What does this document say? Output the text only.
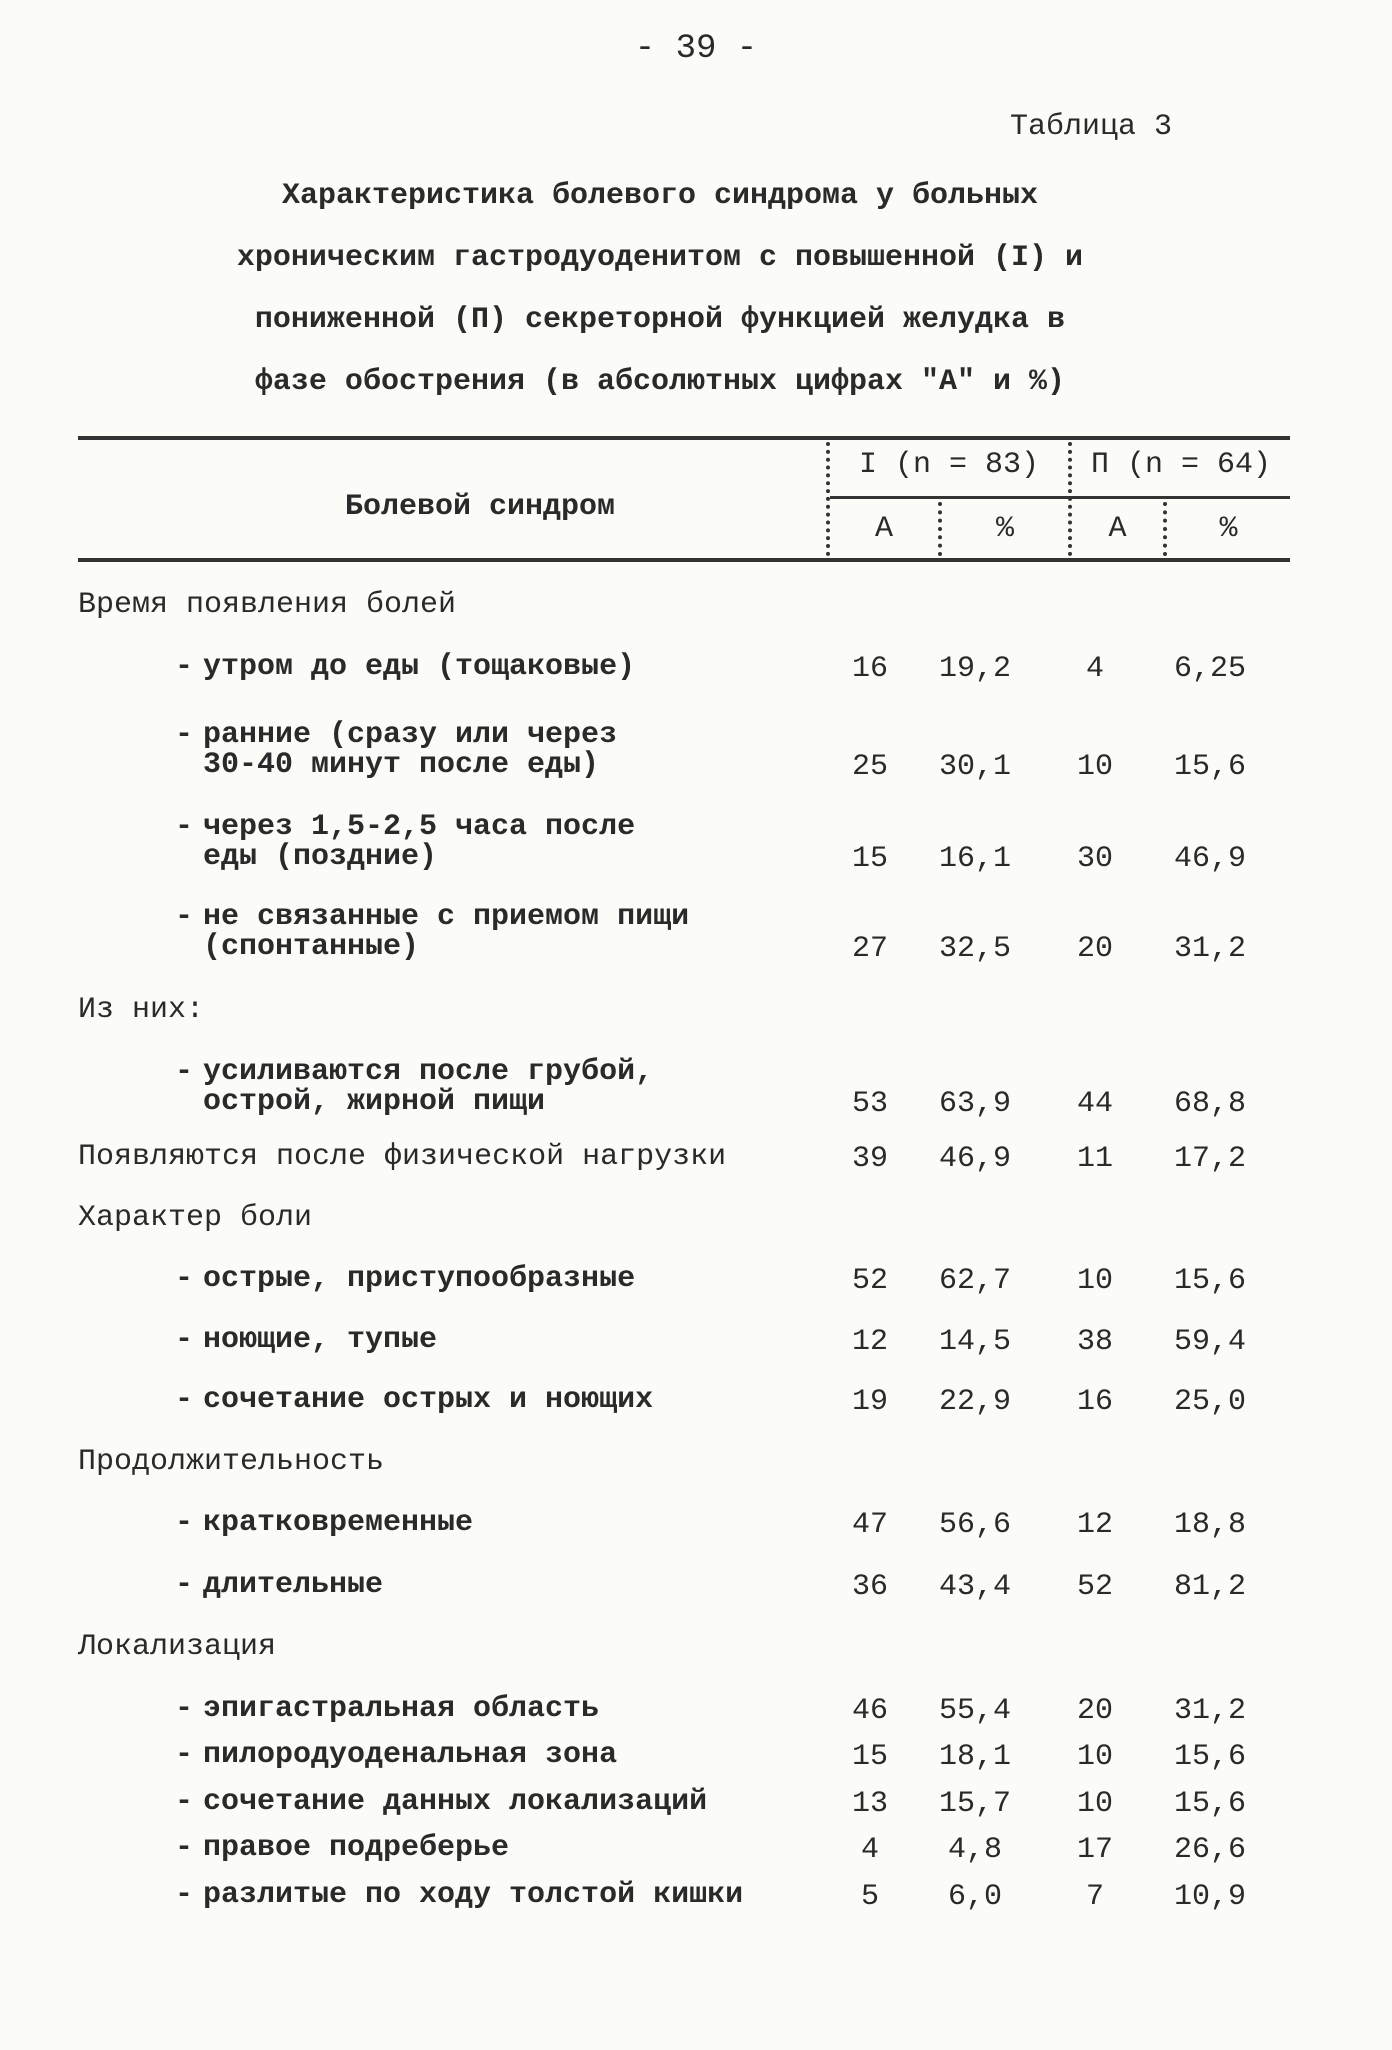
- 39 -
Таблица 3
Характеристика болевого синдрома у больных
хроническим гастродуоденитом с повышенной (I) и
пониженной (П) секреторной функцией желудка в
фазе обострения (в абсолютных цифрах "А" и %)
Болевой синдром
I (n = 83)	П (n = 64)
А	%	А	%
Время появления болей
- утром до еды (тощаковые)	16	19,2	4	6,25
- ранние (сразу или через
30-40 минут после еды)	25	30,1	10	15,6
- через 1,5-2,5 часа после
еды (поздние)	15	16,1	30	46,9
- не связанные с приемом пищи
(спонтанные)	27	32,5	20	31,2
Из них:
- усиливаются после грубой,
острой, жирной пищи	53	63,9	44	68,8
Появляются после физической нагрузки	39	46,9	11	17,2
Характер боли
- острые, приступообразные	52	62,7	10	15,6
- ноющие, тупые	12	14,5	38	59,4
- сочетание острых и ноющих	19	22,9	16	25,0
Продолжительность
- кратковременные	47	56,6	12	18,8
- длительные	36	43,4	52	81,2
Локализация
- эпигастральная область	46	55,4	20	31,2
- пилородуоденальная зона	15	18,1	10	15,6
- сочетание данных локализаций	13	15,7	10	15,6
- правое подреберье	4	4,8	17	26,6
- разлитые по ходу толстой кишки	5	6,0	7	10,9
